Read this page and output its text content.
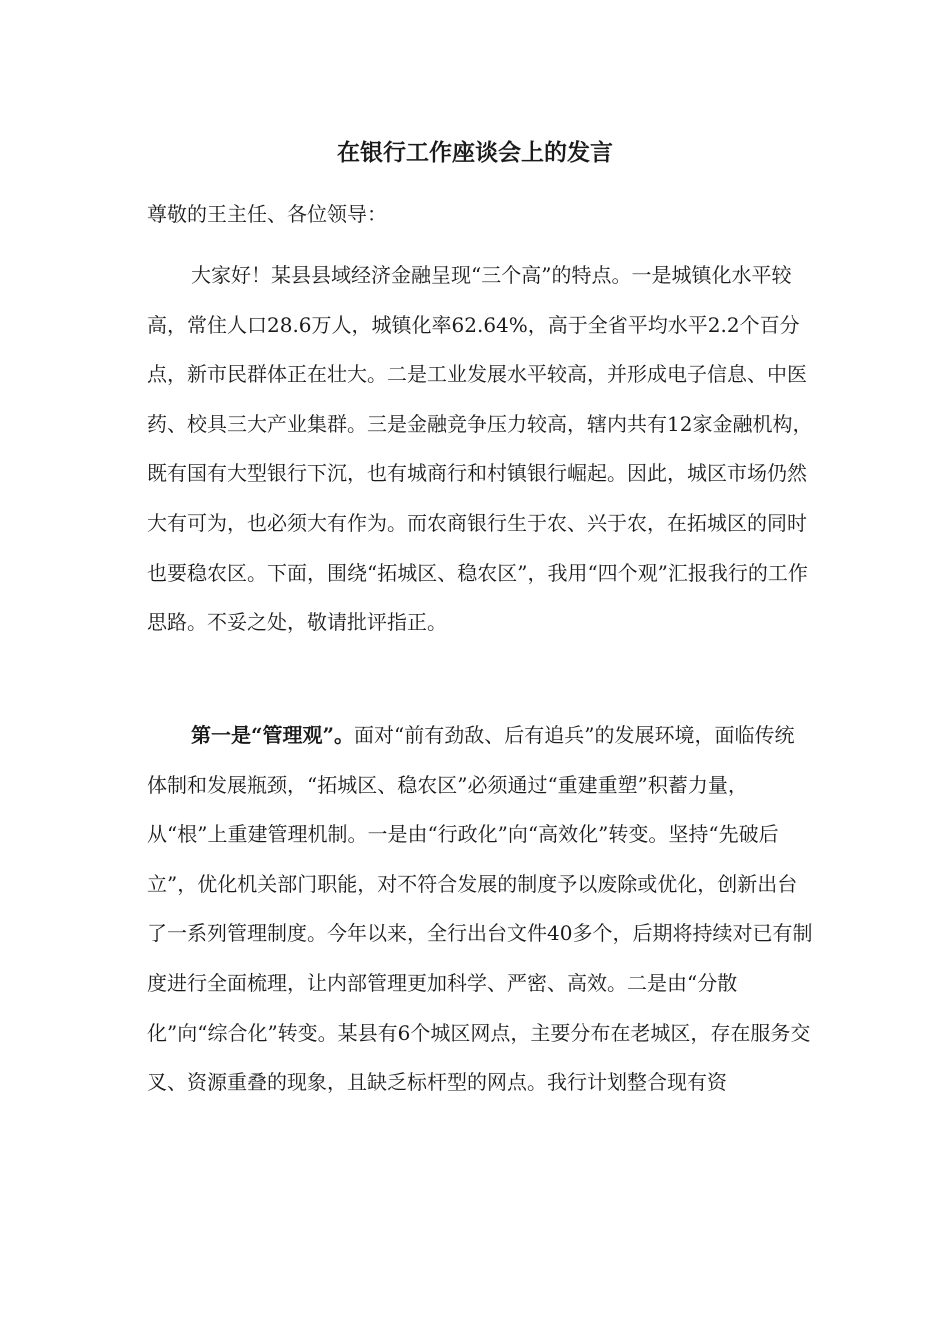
在银行工作座谈会上的发言

尊敬的王主任、各位领导：

大家好！某县县域经济金融呈现“三个高”的特点。一是城镇化水平较高，常住人口28.6万人，城镇化率62.64%，高于全省平均水平2.2个百分点，新市民群体正在壮大。二是工业发展水平较高，并形成电子信息、中医药、校具三大产业集群。三是金融竞争压力较高，辖内共有12家金融机构，既有国有大型银行下沉，也有城商行和村镇银行崛起。因此，城区市场仍然大有可为，也必须大有作为。而农商银行生于农、兴于农，在拓城区的同时也要稳农区。下面，围绕“拓城区、稳农区”，我用“四个观”汇报我行的工作思路。不妥之处，敬请批评指正。

第一是“管理观”。面对“前有劲敌、后有追兵”的发展环境，面临传统体制和发展瓶颈，“拓城区、稳农区”必须通过“重建重塑”积蓄力量，从“根”上重建管理机制。一是由“行政化”向“高效化”转变。坚持“先破后立”，优化机关部门职能，对不符合发展的制度予以废除或优化，创新出台了一系列管理制度。今年以来，全行出台文件40多个，后期将持续对已有制度进行全面梳理，让内部管理更加科学、严密、高效。二是由“分散化”向“综合化”转变。某县有6个城区网点，主要分布在老城区，存在服务交叉、资源重叠的现象，且缺乏标杆型的网点。我行计划整合现有资
